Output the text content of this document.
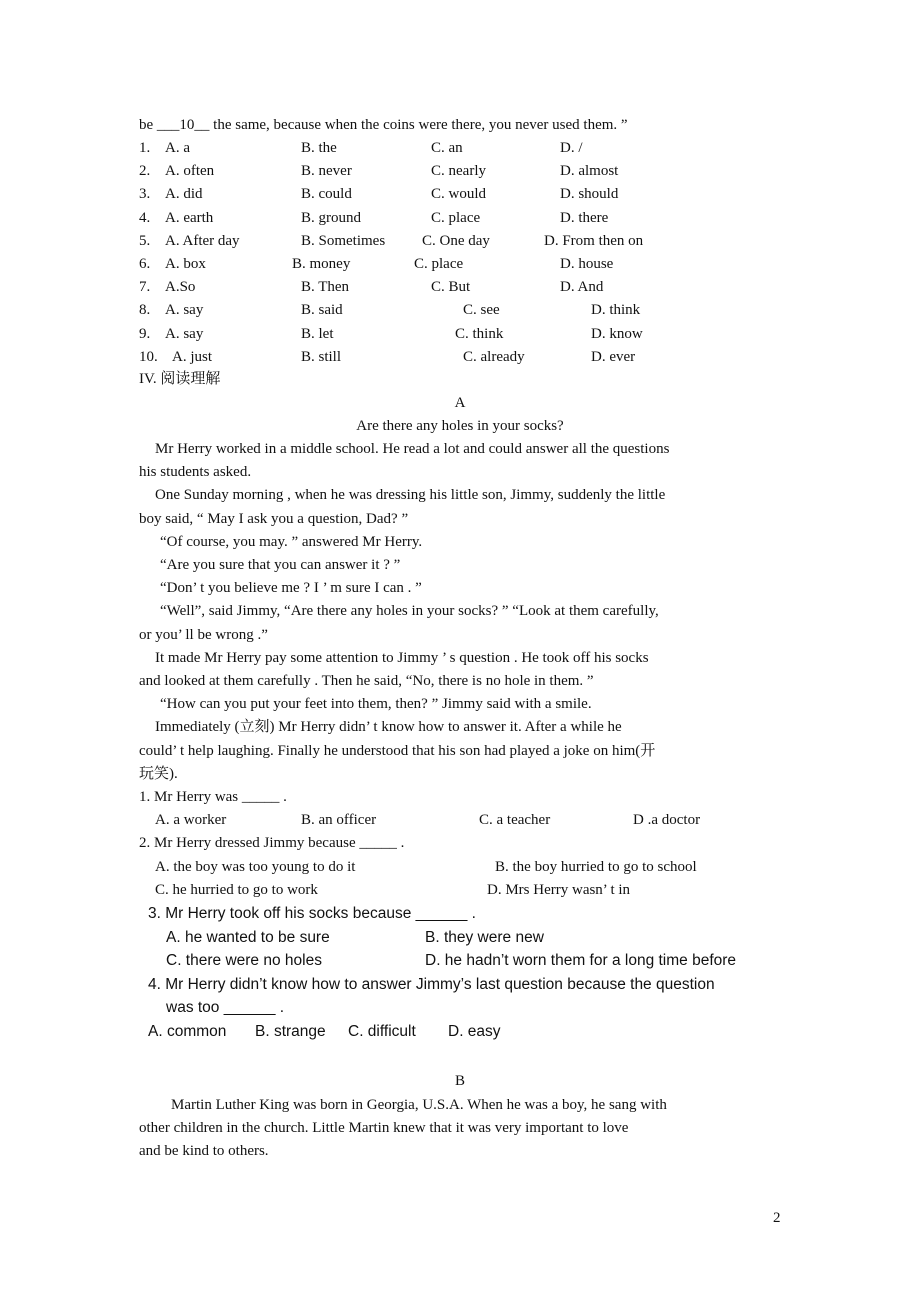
be ___10__ the same, because when the coins were there, you never used them. ”
1. A. a	B. the	C. an	D. /
2. A. often	B. never	C. nearly	D. almost
3. A. did	B. could	C. would	D. should
4. A. earth	B. ground	C. place	D. there
5. A. After day	B. Sometimes C. One day	D. From then on
6. A. box	B. money	C. place	D. house
7. A.So	B. Then	C. But	D. And
8. A. say	B. said	C. see	D. think
9. A. say	B. let	C. think	D. know
10. A. just	B. still	C. already	D. ever
IV. 阅读理解
A
Are there any holes in your socks?
Mr Herry worked in a middle school. He read a lot and could answer all the questions
his students asked.
One Sunday morning , when he was dressing his little son, Jimmy, suddenly the little
boy said, “ May I ask you a question, Dad? ”
“Of course, you may. ” answered Mr Herry.
“Are you sure that you can answer it ? ”
“Don’ t you believe me ? I ’ m sure I can . ”
“Well”, said Jimmy, “Are there any holes in your socks? ” “Look at them carefully,
or you’ ll be wrong .”
It made Mr Herry pay some attention to Jimmy ’ s question . He took off his socks
and looked at them carefully . Then he said, “No, there is no hole in them. ”
“How can you put your feet into them, then? ” Jimmy said with a smile.
Immediately (立刻) Mr Herry didn’ t know how to answer it. After a while he
could’ t help laughing. Finally he understood that his son had played a joke on him(开
玩笑).
1. Mr Herry was _____ .
A. a worker	B. an officer	C. a teacher	D .a doctor
2. Mr Herry dressed Jimmy because _____ .
A. the boy was too young to do it	B. the boy hurried to go to school
C. he hurried to go to work	D. Mrs Herry wasn’ t in
3. Mr Herry took off his socks because ______ .
A. he wanted to be sure	B. they were new
C. there were no holes	D. he hadn’t worn them for a long time before
4. Mr Herry didn’t know how to answer Jimmy’s last question because the question
was too ______ .
A. common B. strange C. difficult D. easy
B
Martin Luther King was born in Georgia, U.S.A. When he was a boy, he sang with
other children in the church. Little Martin knew that it was very important to love
and be kind to others.
2
